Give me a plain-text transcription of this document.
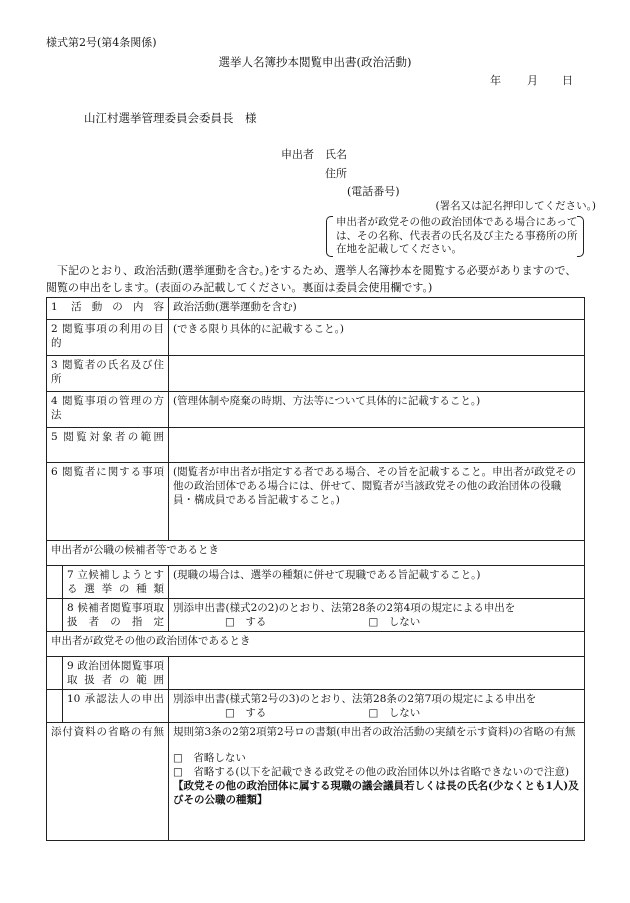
様式第2号(第4条関係)
選挙人名簿抄本閲覧申出書(政治活動)
年 月 日
山江村選挙管理委員会委員長　様
申出者 氏名
住所
(電話番号)
(署名又は記名押印してください。)
申出者が政党その他の政治団体である場合にあっては、その名称、代表者の氏名及び主たる事務所の所在地を記載してください。
下記のとおり、政治活動(選挙運動を含む。)をするため、選挙人名簿抄本を閲覧する必要がありますので、閲覧の申出をします。(表面のみ記載してください。裏面は委員会使用欄です。)
1 活動の内容		政治活動(選挙運動を含む)
2 閲覧事項の利用の目的		(できる限り具体的に記載すること。)
3 閲覧者の氏名及び住所		
4 閲覧事項の管理の方法		(管理体制や廃棄の時期、方法等について具体的に記載すること。)
5 閲覧対象者の範囲		
6 閲覧者に関する事項		(閲覧者が申出者が指定する者である場合、その旨を記載すること。申出者が政党その他の政治団体である場合には、併せて、閲覧者が当該政党その他の政治団体の役職員・構成員である旨記載すること。)
申出者が公職の候補者等であるとき		
	7 立候補しようとする選挙の種類	(現職の場合は、選挙の種類に併せて現職である旨記載すること。)
	8 候補者閲覧事項取扱者の指定	別添申出書(様式2の2)のとおり、法第28条の2第4項の規定による申出を
□　する □　しない

申出者が政党その他の政治団体であるとき		
	9 政治団体閲覧事項取扱者の範囲	
	10 承認法人の申出	別添申出書(様式第2号の3)のとおり、法第28条の2第7項の規定による申出を
□　する □　しない

添付資料の省略の有無		規則第3条の2第2項第2号ロの書類(申出者の政治活動の実績を示す資料)の省略の有無
□　省略しない
□　省略する(以下を記載できる政党その他の政治団体以外は省略できないので注意)
【政党その他の政治団体に属する現職の議会議員若しくは長の氏名(少なくとも1人)及びその公職の種類】
